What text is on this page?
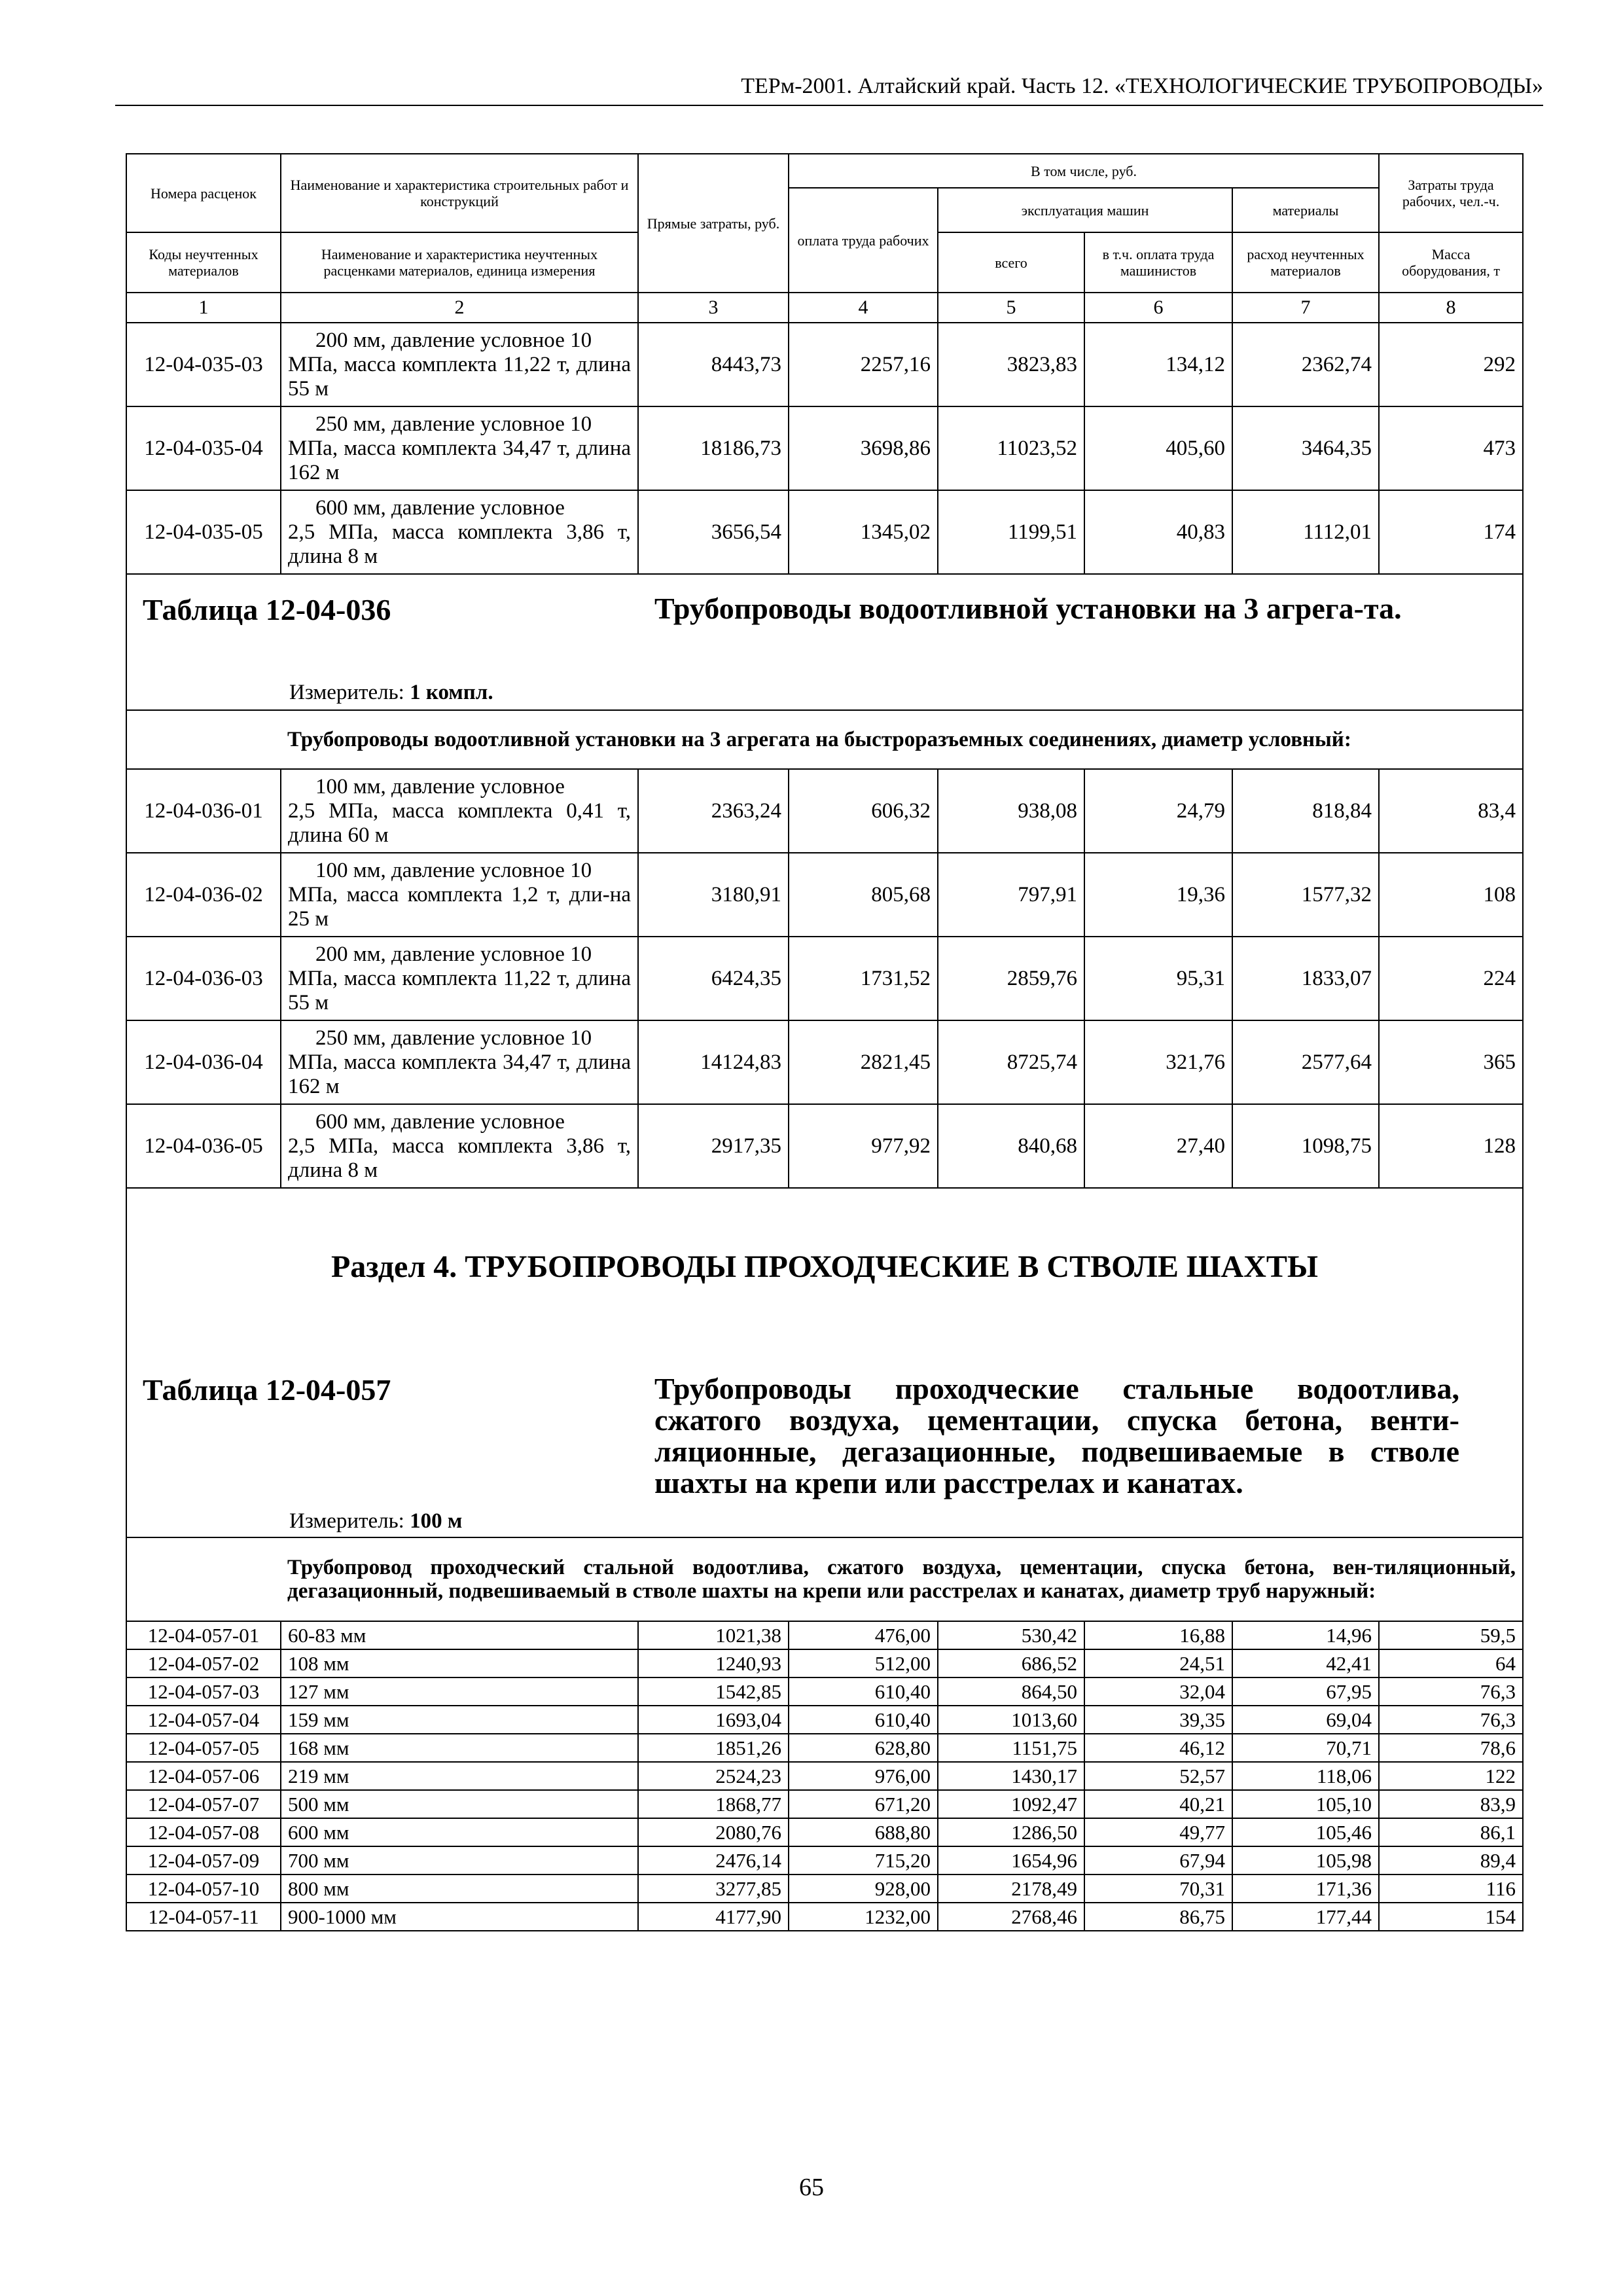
ТЕРм-2001. Алтайский край. Часть 12. «ТЕХНОЛОГИЧЕСКИЕ ТРУБОПРОВОДЫ»
Номера расценок	Наименование и характеристика строительных работ и конструкций	Прямые затраты, руб.	В том числе, руб.				Затраты труда рабочих, чел.-ч.
			оплата труда рабочих	эксплуатация машин		материалы	
Коды неучтенных материалов	Наименование и характеристика неучтенных расценками материалов, единица измерения			всего	в т.ч. оплата труда машинистов	расход неучтенных материалов	Масса оборудования, т
1	2	3	4	5	6	7	8
12-04-035-03	200 мм, давление условное 10
МПа, масса комплекта 11,22 т, длина 55 м	8443,73	2257,16	3823,83	134,12	2362,74	292
12-04-035-04	250 мм, давление условное 10
МПа, масса комплекта 34,47 т, длина 162 м	18186,73	3698,86	11023,52	405,60	3464,35	473
12-04-035-05	600 мм, давление условное
2,5 МПа, масса комплекта 3,86 т, длина 8 м	3656,54	1345,02	1199,51	40,83	1112,01	174

Таблица 12-04-036 Трубопроводы водоотливной установки на 3 агрега-та.
Измеритель: 1 компл.							

	Трубопроводы водоотливной установки на 3 агрегата на быстроразъемных соединениях, диаметр условный:						
12-04-036-01	100 мм, давление условное
2,5 МПа, масса комплекта 0,41 т, длина 60 м	2363,24	606,32	938,08	24,79	818,84	83,4
12-04-036-02	100 мм, давление условное 10
МПа, масса комплекта 1,2 т, дли-на 25 м	3180,91	805,68	797,91	19,36	1577,32	108
12-04-036-03	200 мм, давление условное 10
МПа, масса комплекта 11,22 т, длина 55 м	6424,35	1731,52	2859,76	95,31	1833,07	224
12-04-036-04	250 мм, давление условное 10
МПа, масса комплекта 34,47 т, длина 162 м	14124,83	2821,45	8725,74	321,76	2577,64	365
12-04-036-05	600 мм, давление условное
2,5 МПа, масса комплекта 3,86 т, длина 8 м	2917,35	977,92	840,68	27,40	1098,75	128

Раздел 4. ТРУБОПРОВОДЫ ПРОХОДЧЕСКИЕ В СТВОЛЕ ШАХТЫ
Таблица 12-04-057 Трубопроводы проходческие стальные водоотлива, сжатого воздуха, цементации, спуска бетона, венти-ляционные, дегазационные, подвешиваемые в стволе шахты на крепи или расстрелах и канатах.
Измеритель: 100 м							

	Трубопровод проходческий стальной водоотлива, сжатого воздуха, цементации, спуска бетона, вен-тиляционный, дегазационный, подвешиваемый в стволе шахты на крепи или расстрелах и канатах, диаметр труб наружный:						
12-04-057-01	60-83 мм	1021,38	476,00	530,42	16,88	14,96	59,5
12-04-057-02	108 мм	1240,93	512,00	686,52	24,51	42,41	64
12-04-057-03	127 мм	1542,85	610,40	864,50	32,04	67,95	76,3
12-04-057-04	159 мм	1693,04	610,40	1013,60	39,35	69,04	76,3
12-04-057-05	168 мм	1851,26	628,80	1151,75	46,12	70,71	78,6
12-04-057-06	219 мм	2524,23	976,00	1430,17	52,57	118,06	122
12-04-057-07	500 мм	1868,77	671,20	1092,47	40,21	105,10	83,9
12-04-057-08	600 мм	2080,76	688,80	1286,50	49,77	105,46	86,1
12-04-057-09	700 мм	2476,14	715,20	1654,96	67,94	105,98	89,4
12-04-057-10	800 мм	3277,85	928,00	2178,49	70,31	171,36	116
12-04-057-11	900-1000 мм	4177,90	1232,00	2768,46	86,75	177,44	154
65
